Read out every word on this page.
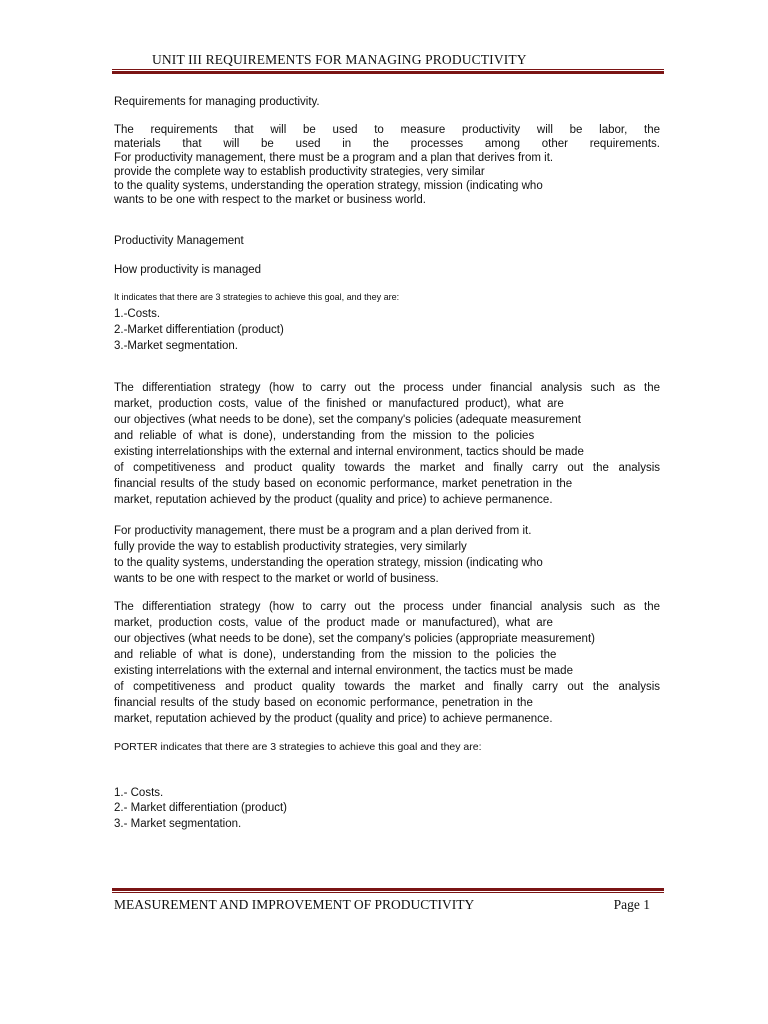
UNIT III REQUIREMENTS FOR MANAGING PRODUCTIVITY
Requirements for managing productivity.
The requirements that will be used to measure productivity will be labor, the
materials that will be used in the processes among other requirements.
For productivity management, there must be a program and a plan that derives from it.
provide the complete way to establish productivity strategies, very similar
to the quality systems, understanding the operation strategy, mission (indicating who
wants to be one with respect to the market or business world.
Productivity Management
How productivity is managed
It indicates that there are 3 strategies to achieve this goal, and they are:
1.-Costs.
2.-Market differentiation (product)
3.-Market segmentation.
The differentiation strategy (how to carry out the process under financial analysis such as the
market, production costs, value of the finished or manufactured product), what are
our objectives (what needs to be done), set the company's policies (adequate measurement
and reliable of what is done), understanding from the mission to the policies
existing interrelationships with the external and internal environment, tactics should be made
of competitiveness and product quality towards the market and finally carry out the analysis
financial results of the study based on economic performance, market penetration in the
market, reputation achieved by the product (quality and price) to achieve permanence.
For productivity management, there must be a program and a plan derived from it.
fully provide the way to establish productivity strategies, very similarly
to the quality systems, understanding the operation strategy, mission (indicating who
wants to be one with respect to the market or world of business.
The differentiation strategy (how to carry out the process under financial analysis such as the
market, production costs, value of the product made or manufactured), what are
our objectives (what needs to be done), set the company's policies (appropriate measurement)
and reliable of what is done), understanding from the mission to the policies the
existing interrelations with the external and internal environment, the tactics must be made
of competitiveness and product quality towards the market and finally carry out the analysis
financial results of the study based on economic performance, penetration in the
market, reputation achieved by the product (quality and price) to achieve permanence.
PORTER indicates that there are 3 strategies to achieve this goal and they are:
1.- Costs.
2.- Market differentiation (product)
3.- Market segmentation.
MEASUREMENT AND IMPROVEMENT OF PRODUCTIVITY	Page 1
